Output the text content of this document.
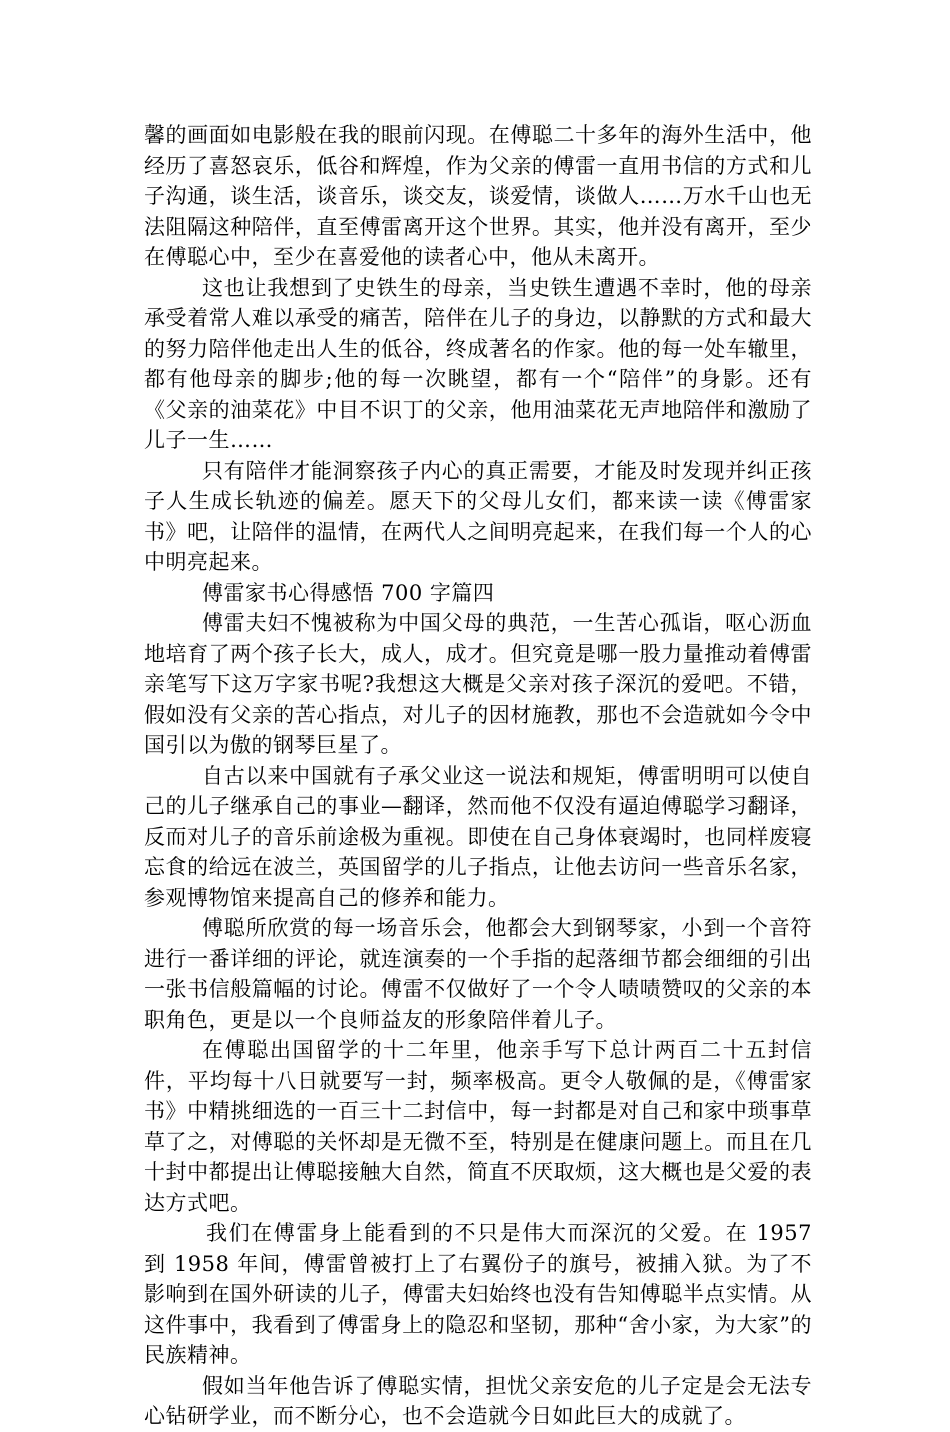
馨的画面如电影般在我的眼前闪现。在傅聪二十多年的海外生活中，他经历了喜怒哀乐，低谷和辉煌，作为父亲的傅雷一直用书信的方式和儿子沟通，谈生活，谈音乐，谈交友，谈爱情，谈做人……万水千山也无法阻隔这种陪伴，直至傅雷离开这个世界。其实，他并没有离开，至少在傅聪心中，至少在喜爱他的读者心中，他从未离开。

这也让我想到了史铁生的母亲，当史铁生遭遇不幸时，他的母亲承受着常人难以承受的痛苦，陪伴在儿子的身边，以静默的方式和最大的努力陪伴他走出人生的低谷，终成著名的作家。他的每一处车辙里，都有他母亲的脚步;他的每一次眺望，都有一个“陪伴”的身影。还有《父亲的油菜花》中目不识丁的父亲，他用油菜花无声地陪伴和激励了儿子一生……

只有陪伴才能洞察孩子内心的真正需要，才能及时发现并纠正孩子人生成长轨迹的偏差。愿天下的父母儿女们，都来读一读《傅雷家书》吧，让陪伴的温情，在两代人之间明亮起来，在我们每一个人的心中明亮起来。

傅雷家书心得感悟 700 字篇四

傅雷夫妇不愧被称为中国父母的典范，一生苦心孤诣，呕心沥血地培育了两个孩子长大，成人，成才。但究竟是哪一股力量推动着傅雷亲笔写下这万字家书呢?我想这大概是父亲对孩子深沉的爱吧。不错，假如没有父亲的苦心指点，对儿子的因材施教，那也不会造就如今令中国引以为傲的钢琴巨星了。

自古以来中国就有子承父业这一说法和规矩，傅雷明明可以使自己的儿子继承自己的事业—翻译，然而他不仅没有逼迫傅聪学习翻译，反而对儿子的音乐前途极为重视。即使在自己身体衰竭时，也同样废寝忘食的给远在波兰，英国留学的儿子指点，让他去访问一些音乐名家，参观博物馆来提高自己的修养和能力。

傅聪所欣赏的每一场音乐会，他都会大到钢琴家，小到一个音符进行一番详细的评论，就连演奏的一个手指的起落细节都会细细的引出一张书信般篇幅的讨论。傅雷不仅做好了一个令人啧啧赞叹的父亲的本职角色，更是以一个良师益友的形象陪伴着儿子。

在傅聪出国留学的十二年里，他亲手写下总计两百二十五封信件，平均每十八日就要写一封，频率极高。更令人敬佩的是，《傅雷家书》中精挑细选的一百三十二封信中，每一封都是对自己和家中琐事草草了之，对傅聪的关怀却是无微不至，特别是在健康问题上。而且在几十封中都提出让傅聪接触大自然，简直不厌取烦，这大概也是父爱的表达方式吧。

我们在傅雷身上能看到的不只是伟大而深沉的父爱。在 1957 到 1958 年间，傅雷曾被打上了右翼份子的旗号，被捕入狱。为了不影响到在国外研读的儿子，傅雷夫妇始终也没有告知傅聪半点实情。从这件事中，我看到了傅雷身上的隐忍和坚韧，那种“舍小家，为大家”的民族精神。

假如当年他告诉了傅聪实情，担忧父亲安危的儿子定是会无法专心钻研学业，而不断分心，也不会造就今日如此巨大的成就了。
